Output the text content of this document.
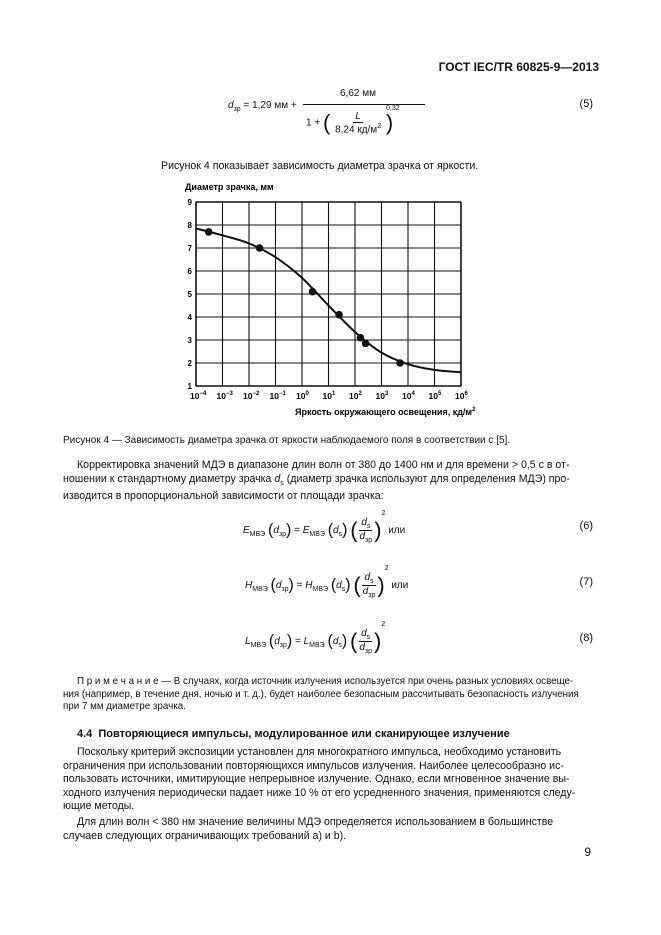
ГОСТ IEC/TR 60825-9—2013
$d_{зр} = 1,29$ мм +
6,62 мм
1 + ( $\frac{L}{8,24 кд/м^2}$ )
0,32	(5)
Рисунок 4 показывает зависимость диаметра зрачка от яркости.
Диаметр зрачка, мм
1
2
3
4
5
6
7
8
9
$10^{-4}$ $10^{-3}$ $10^{-2}$ $10^{-1}$ $10^0$ $10^1$ $10^2$ $10^3$ $10^4$ $10^5$ $10^6$
Яркость окружающего освещения, $кд/м^2$
Рисунок 4 — Зависимость диаметра зрачка от яркости наблюдаемого поля в соответствии с [5].
Корректировка значений МДЭ в диапазоне длин волн от 380 до 1400 нм и для времени > 0,5 с в от-
ношении к стандартному диаметру зрачка $d_s$ (диаметр зрачка используют для определения МДЭ) про-
изводится в пропорциональной зависимости от площади зрачка:
$E_{МВЭ}$ $(d_{зр}) = E_{МВЭ}$ $(d_s)$ ( $\frac{d_s}{d_{зр}} )^2$ или	(6)
$H_{МВЭ}$ $(d_{зр}) = H_{МВЭ}$ $(d_s)$ ( $\frac{d_s}{d_{зр}} )^2$ или	(7)
$L_{МВЭ}$ $(d_{зр}) = L_{МВЭ}$ $(d_s)$ ( $\frac{d_s}{d_{зр}} )^2$
(8)
П р и м е ч а н и е — В случаях, когда источник излучения используется при очень разных условиях освеще-
ния (например, в течение дня, ночью и т. д.), будет наиболее безопасным рассчитывать безопасность излучения
при 7 мм диаметре зрачка.
4.4  Повторяющиеся импульсы, модулированное или сканирующее излучение
Поскольку критерий экспозиции установлен для многократного импульса, необходимо установить
ограничения при использовании повторяющихся импульсов излучения. Наиболее целесообразно ис-
пользовать источники, имитирующие непрерывное излучение. Однако, если мгновенное значение вы-
ходного излучения периодически падает ниже 10 % от его усредненного значения, применяются следу-
ющие методы.
Для длин волн < 380 нм значение величины МДЭ определяется использованием в большинстве
случаев следующих ограничивающих требований a) и b).
9
